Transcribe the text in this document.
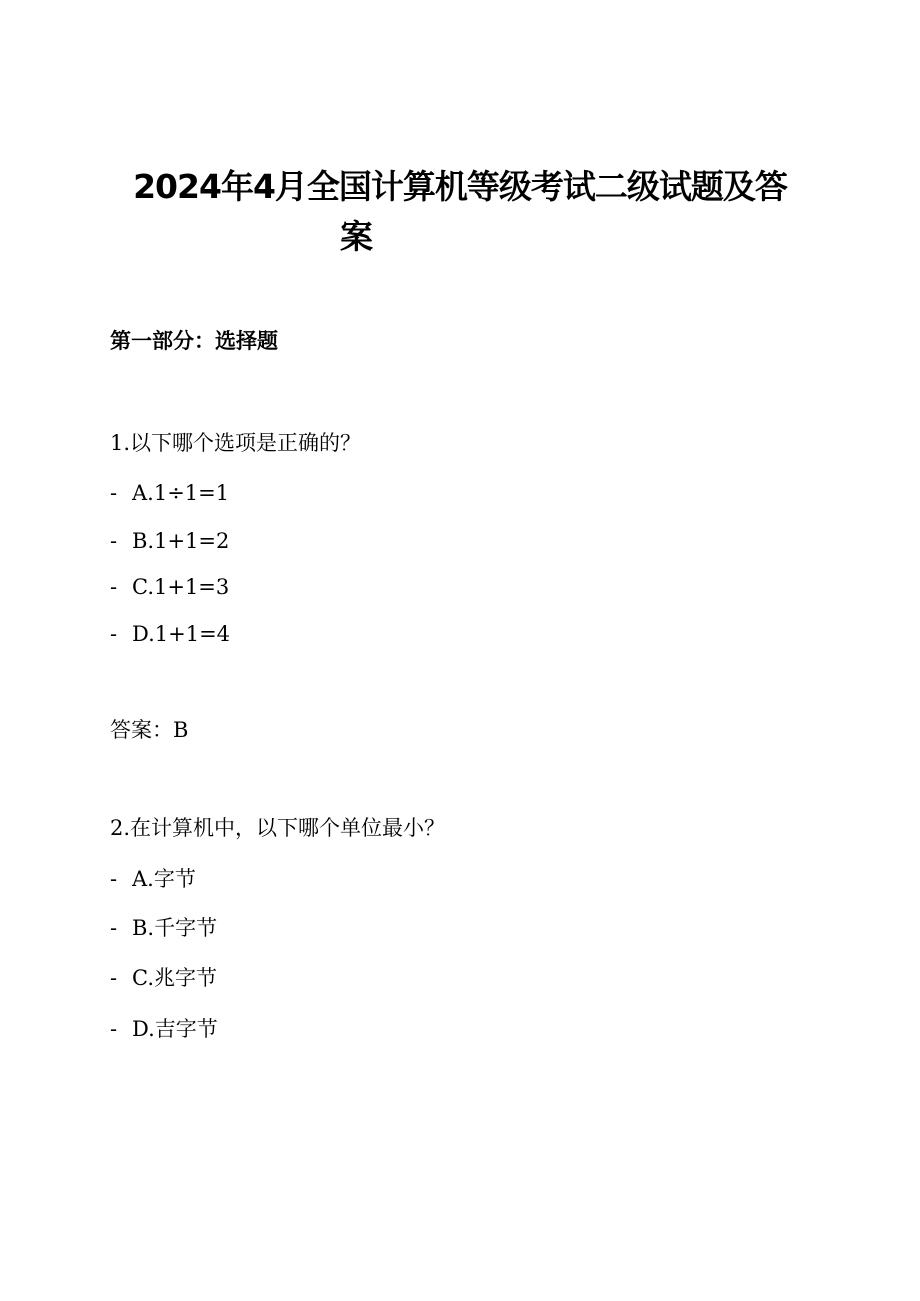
2024年4月全国计算机等级考试二级试题及答
案
第一部分：选择题
1.以下哪个选项是正确的？
- A.1÷1=1
- B.1+1=2
- C.1+1=3
- D.1+1=4
答案：B
2.在计算机中，以下哪个单位最小？
- A.字节
- B.千字节
- C.兆字节
- D.吉字节
